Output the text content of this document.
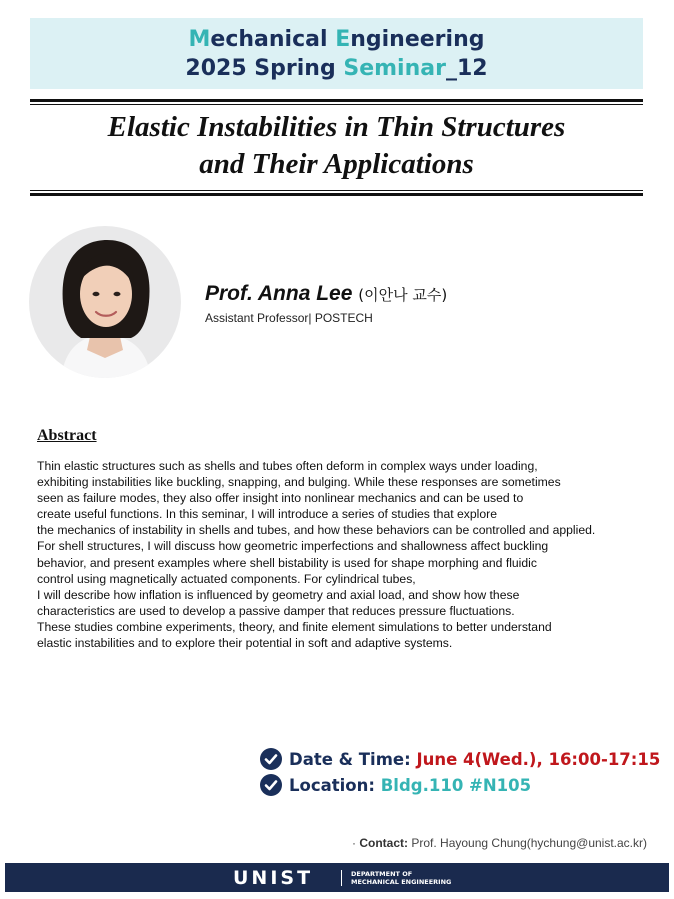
Mechanical Engineering
2025 Spring Seminar_12
Elastic Instabilities in Thin Structures
and Their Applications
Prof. Anna Lee (이안나 교수)
Assistant Professor| POSTECH
Abstract
Thin elastic structures such as shells and tubes often deform in complex ways under loading,
exhibiting instabilities like buckling, snapping, and bulging. While these responses are sometimes
seen as failure modes, they also offer insight into nonlinear mechanics and can be used to
create useful functions. In this seminar, I will introduce a series of studies that explore
the mechanics of instability in shells and tubes, and how these behaviors can be controlled and applied.
For shell structures, I will discuss how geometric imperfections and shallowness affect buckling
behavior, and present examples where shell bistability is used for shape morphing and fluidic
control using magnetically actuated components. For cylindrical tubes,
I will describe how inflation is influenced by geometry and axial load, and show how these
characteristics are used to develop a passive damper that reduces pressure fluctuations.
These studies combine experiments, theory, and finite element simulations to better understand
elastic instabilities and to explore their potential in soft and adaptive systems.
Date & Time: June 4(Wed.), 16:00-17:15
Location: Bldg.110 #N105
· Contact: Prof. Hayoung Chung(hychung@unist.ac.kr)
UNIST	DEPARTMENT OF
MECHANICAL ENGINEERING
